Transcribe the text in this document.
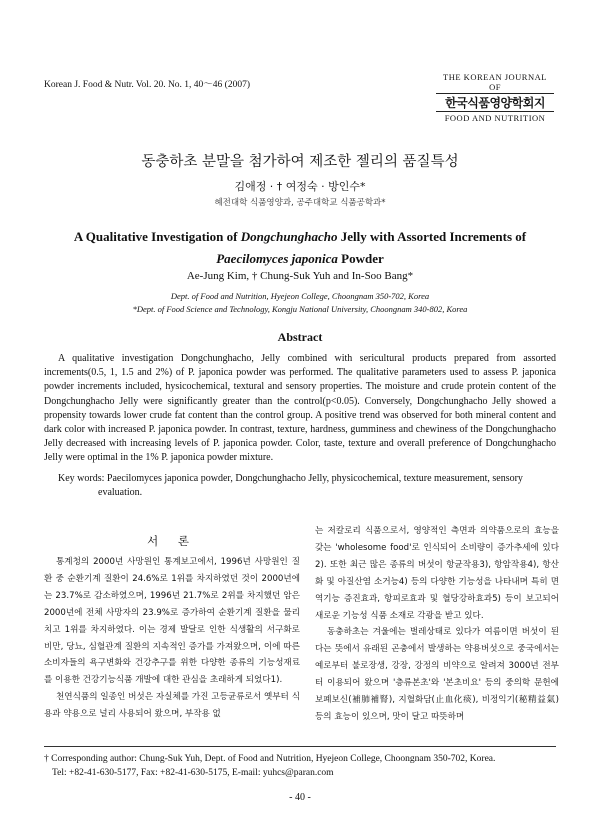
Korean J. Food & Nutr. Vol. 20. No. 1, 40～46 (2007)
THE KOREAN JOURNAL OF
한국식품영양학회지
FOOD AND NUTRITION
동충하초 분말을 첨가하여 제조한 젤리의 품질특성
김애정 · † 여정숙 · 방인수*
혜전대학 식품영양과, 공주대학교 식품공학과*
A Qualitative Investigation of Dongchunghacho Jelly with Assorted Increments of
Paecilomyces japonica Powder
Ae-Jung Kim, † Chung-Suk Yuh and In-Soo Bang*
Dept. of Food and Nutrition, Hyejeon College, Choongnam 350-702, Korea
*Dept. of Food Science and Technology, Kongju National University, Choongnam 340-802, Korea
Abstract
A qualitative investigation Dongchunghacho, Jelly combined with sericultural products prepared from assorted increments(0.5, 1, 1.5 and 2%) of P. japonica powder was performed. The qualitative parameters used to assess P. japonica powder increments included, hysicochemical, textural and sensory properties. The moisture and crude protein content of the Dongchunghacho Jelly were significantly greater than the control(p<0.05). Conversely, Dongchunghacho Jelly showed a propensity towards lower crude fat content than the control group. A positive trend was observed for both mineral content and dark color with increased P. japonica powder. In contrast, texture, hardness, gumminess and chewiness of the Dongchunghacho Jelly decreased with increasing levels of P. japonica powder. Color, taste, texture and overall preference of Dongchunghacho Jelly were optimal in the 1% P. japonica powder mixture.
Key words: Paecilomyces japonica powder, Dongchunghacho Jelly, physicochemical, texture measurement, sensory evaluation.
서 론

통계청의 2000년 사망원인 통계보고에서, 1996년 사망원인 질환 중 순환기계 질환이 24.6%로 1위를 차지하였던 것이 2000년에는 23.7%로 감소하였으며, 1996년 21.7%로 2위를 차지했던 암은 2000년에 전체 사망자의 23.9%로 증가하여 순환기계 질환을 물리치고 1위를 차지하였다. 이는 경제 발달로 인한 식생활의 서구화로 비만, 당뇨, 심혈관계 질환의 지속적인 증가를 가져왔으며, 이에 따른 소비자들의 욕구변화와 건강추구를 위한 다양한 종류의 기능성재료를 이용한 건강기능식품 개발에 대한 관심을 초래하게 되었다1).

천연식품의 일종인 버섯은 자실체를 가진 고등균류로서 옛부터 식용과 약용으로 널리 사용되어 왔으며, 부작용 없

는 저칼로리 식품으로서, 영양적인 측면과 의약품으로의 효능을 갖는 'wholesome food'로 인식되어 소비량이 증가추세에 있다2). 또한 최근 많은 종류의 버섯이 항균작용3), 항암작용4), 항산화 및 아질산염 소거능4) 등의 다양한 기능성을 나타내며 특히 면역기능 증진효과, 항피로효과 및 혈당강하효과5) 등이 보고되어 새로운 기능성 식품 소재로 각광을 받고 있다.

동충하초는 겨울에는 벌레상태로 있다가 여름이면 버섯이 된다는 뜻에서 유래된 곤충에서 발생하는 약용버섯으로 중국에서는 예로부터 불로장생, 강장, 강정의 비약으로 알려져 3000년 전부터 이용되어 왔으며 '층류본초'와 '본초비요' 등의 중의학 문헌에 보폐보신(補肺補腎), 지혈화담(止血化痰), 비정익기(秘精益氣) 등의 효능이 있으며, 맛이 달고 따뜻하며

† Corresponding author: Chung-Suk Yuh, Dept. of Food and Nutrition, Hyejeon College, Choongnam 350-702, Korea.
Tel: +82-41-630-5177, Fax: +82-41-630-5175, E-mail: yuhcs@paran.com
- 40 -
